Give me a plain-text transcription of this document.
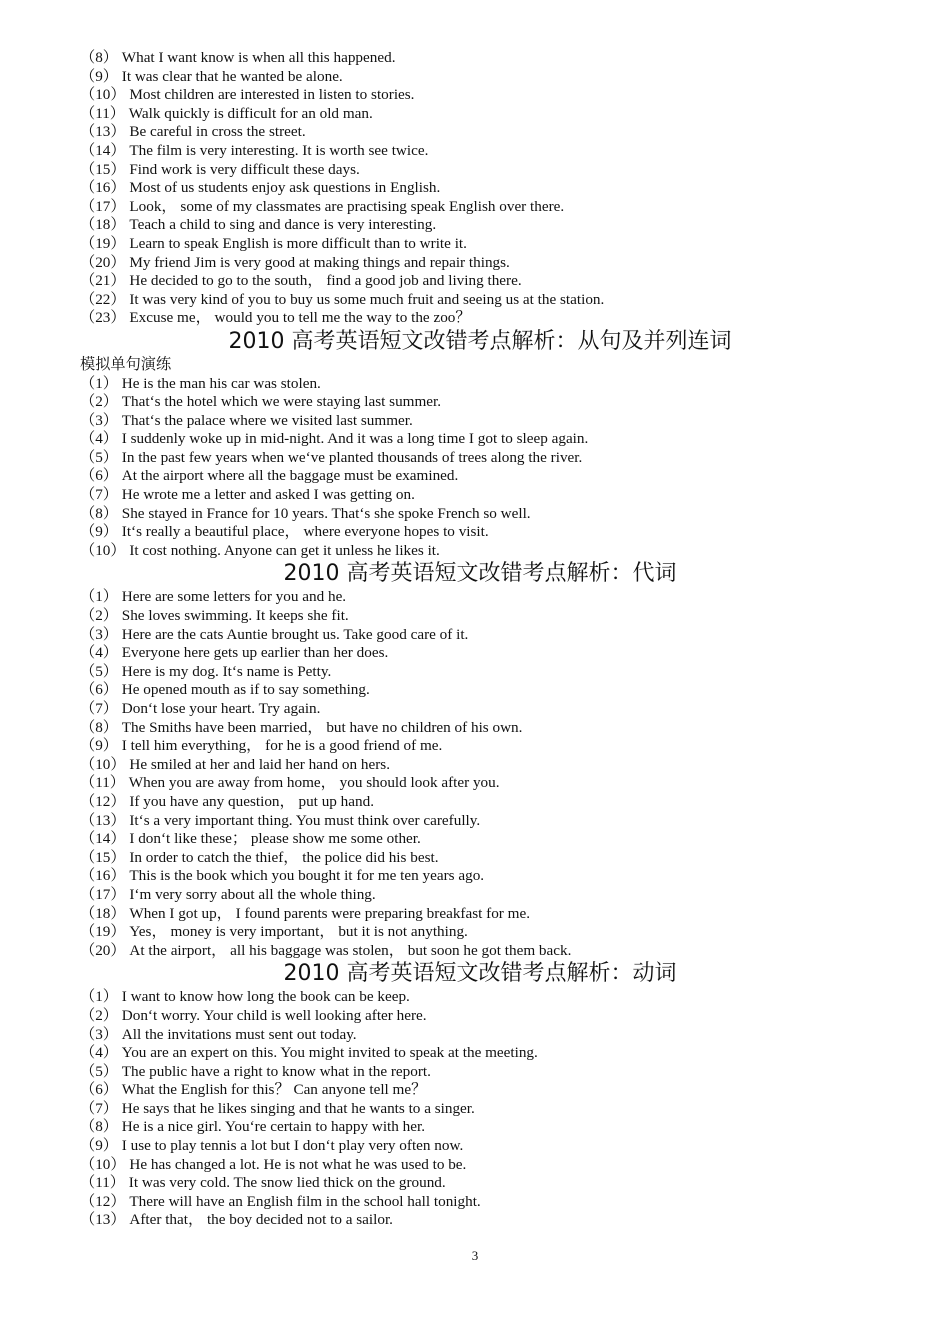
（8） What I want know is when all this happened.
（9） It was clear that he wanted be alone.
（10） Most children are interested in listen to stories.
（11） Walk quickly is difficult for an old man.
（13） Be careful in cross the street.
（14） The film is very interesting. It is worth see twice.
（15） Find work is very difficult these days.
（16） Most of us students enjoy ask questions in English.
（17） Look， some of my classmates are practising speak English over there.
（18） Teach a child to sing and dance is very interesting.
（19） Learn to speak English is more difficult than to write it.
（20） My friend Jim is very good at making things and repair things.
（21） He decided to go to the south， find a good job and living there.
（22） It was very kind of you to buy us some much fruit and seeing us at the station.
（23） Excuse me， would you to tell me the way to the zoo？
2010 高考英语短文改错考点解析：从句及并列连词
模拟单句演练
（1） He is the man his car was stolen.
（2） That‘s the hotel which we were staying last summer.
（3） That‘s the palace where we visited last summer.
（4） I suddenly woke up in mid-night. And it was a long time I got to sleep again.
（5） In the past few years when we‘ve planted thousands of trees along the river.
（6） At the airport where all the baggage must be examined.
（7） He wrote me a letter and asked I was getting on.
（8） She stayed in France for 10 years. That‘s she spoke French so well.
（9） It‘s really a beautiful place， where everyone hopes to visit.
（10） It cost nothing. Anyone can get it unless he likes it.
2010 高考英语短文改错考点解析：代词
（1） Here are some letters for you and he.
（2） She loves swimming. It keeps she fit.
（3） Here are the cats Auntie brought us. Take good care of it.
（4） Everyone here gets up earlier than her does.
（5） Here is my dog. It‘s name is Petty.
（6） He opened mouth as if to say something.
（7） Don‘t lose your heart. Try again.
（8） The Smiths have been married， but have no children of his own.
（9） I tell him everything， for he is a good friend of me.
（10） He smiled at her and laid her hand on hers.
（11） When you are away from home， you should look after you.
（12） If you have any question， put up hand.
（13） It‘s a very important thing. You must think over carefully.
（14） I don‘t like these； please show me some other.
（15） In order to catch the thief， the police did his best.
（16） This is the book which you bought it for me ten years ago.
（17） I‘m very sorry about all the whole thing.
（18） When I got up， I found parents were preparing breakfast for me.
（19） Yes， money is very important， but it is not anything.
（20） At the airport， all his baggage was stolen， but soon he got them back.
2010 高考英语短文改错考点解析：动词
（1） I want to know how long the book can be keep.
（2） Don‘t worry. Your child is well looking after here.
（3） All the invitations must sent out today.
（4） You are an expert on this. You might invited to speak at the meeting.
（5） The public have a right to know what in the report.
（6） What the English for this？ Can anyone tell me？
（7） He says that he likes singing and that he wants to a singer.
（8） He is a nice girl. You‘re certain to happy with her.
（9） I use to play tennis a lot but I don‘t play very often now.
（10） He has changed a lot. He is not what he was used to be.
（11） It was very cold. The snow lied thick on the ground.
（12） There will have an English film in the school hall tonight.
（13） After that， the boy decided not to a sailor.
3
